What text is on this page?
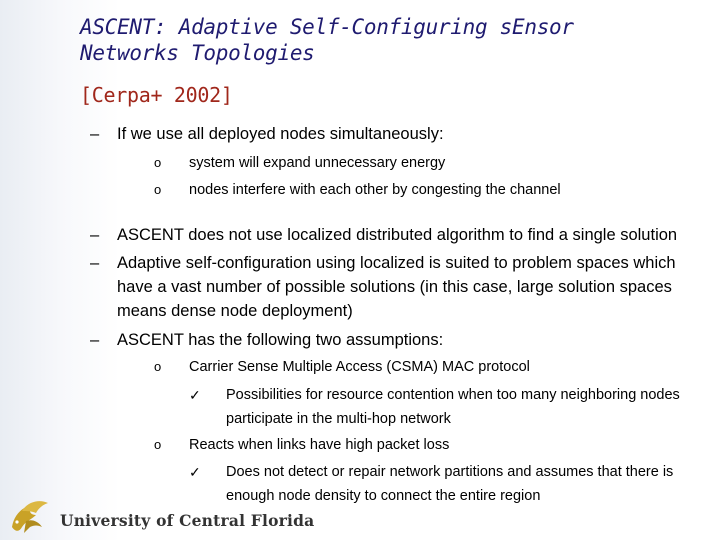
ASCENT: Adaptive Self-Configuring sEnsor
Networks Topologies
[Cerpa+ 2002]
– If we use all deployed nodes simultaneously:
o system will expand unnecessary energy
o nodes interfere with each other by congesting the channel
– ASCENT does not use localized distributed algorithm to find a single solution
– Adaptive self-configuration using localized is suited to problem spaces which have a vast number of possible solutions (in this case, large solution spaces means dense node deployment)
– ASCENT has the following two assumptions:
o Carrier Sense Multiple Access (CSMA) MAC protocol
✓ Possibilities for resource contention when too many neighboring nodes participate in the multi-hop network
o Reacts when links have high packet loss
✓ Does not detect or repair network partitions and assumes that there is enough node density to connect the entire region
University of Central Florida
